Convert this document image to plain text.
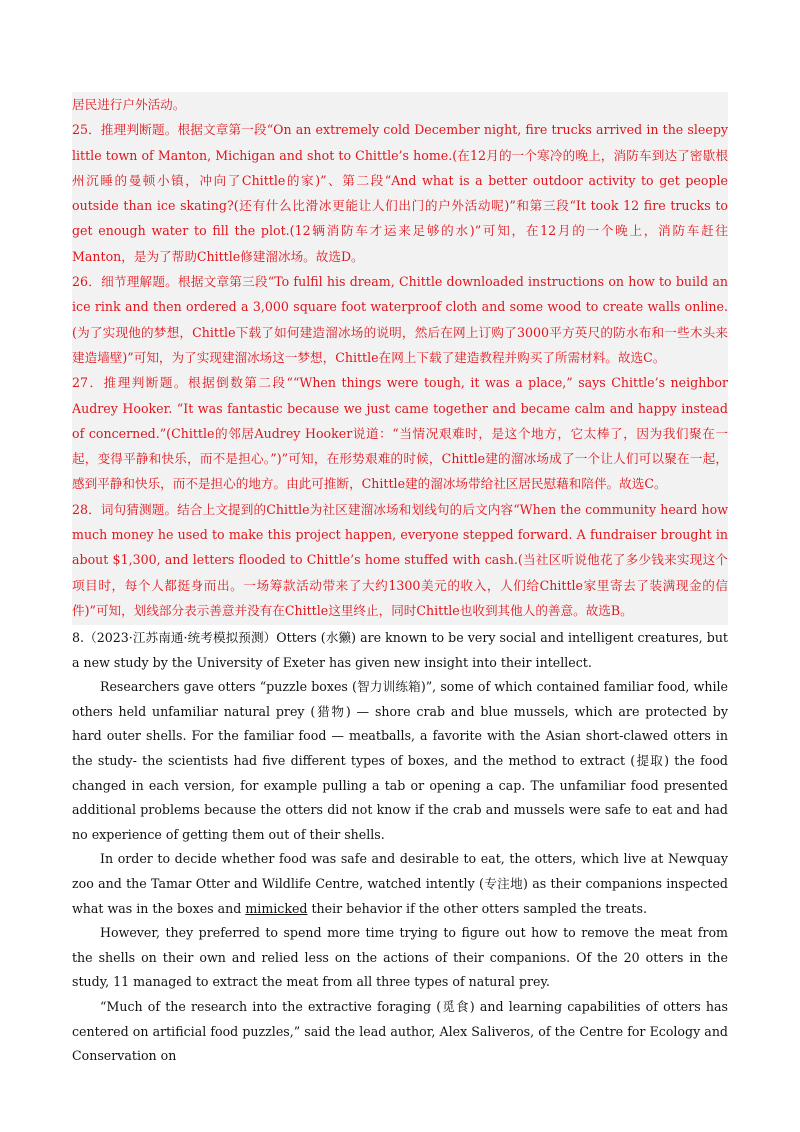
居民进行户外活动。

25．推理判断题。根据文章第一段“On an extremely cold December night, fire trucks arrived in the sleepy little town of Manton, Michigan and shot to Chittle’s home.(在12月的一个寒冷的晚上，消防车到达了密歇根州沉睡的曼顿小镇，冲向了Chittle的家)”、第二段“And what is a better outdoor activity to get people outside than ice skating?(还有什么比滑冰更能让人们出门的户外活动呢)”和第三段“It took 12 fire trucks to get enough water to fill the plot.(12辆消防车才运来足够的水)”可知，在12月的一个晚上，消防车赶往Manton，是为了帮助Chittle修建溜冰场。故选D。

26．细节理解题。根据文章第三段“To fulfil his dream, Chittle downloaded instructions on how to build an ice rink and then ordered a 3,000 square foot waterproof cloth and some wood to create walls online.(为了实现他的梦想，Chittle下载了如何建造溜冰场的说明，然后在网上订购了3000平方英尺的防水布和一些木头来建造墙壁)”可知，为了实现建溜冰场这一梦想，Chittle在网上下载了建造教程并购买了所需材料。故选C。

27．推理判断题。根据倒数第二段““When things were tough, it was a place,” says Chittle’s neighbor Audrey Hooker. “It was fantastic because we just came together and became calm and happy instead of concerned.”(Chittle的邻居Audrey Hooker说道：“当情况艰难时，是这个地方，它太棒了，因为我们聚在一起，变得平静和快乐，而不是担心。”)”可知，在形势艰难的时候，Chittle建的溜冰场成了一个让人们可以聚在一起，感到平静和快乐，而不是担心的地方。由此可推断，Chittle建的溜冰场带给社区居民慰藉和陪伴。故选C。

28．词句猜测题。结合上文提到的Chittle为社区建溜冰场和划线句的后文内容“When the community heard how much money he used to make this project happen, everyone stepped forward. A fundraiser brought in about $1,300, and letters flooded to Chittle’s home stuffed with cash.(当社区听说他花了多少钱来实现这个项目时，每个人都挺身而出。一场筹款活动带来了大约1300美元的收入，人们给Chittle家里寄去了装满现金的信件)”可知，划线部分表示善意并没有在Chittle这里终止，同时Chittle也收到其他人的善意。故选B。

8.（2023·江苏南通·统考模拟预测）Otters (水獭) are known to be very social and intelligent creatures, but a new study by the University of Exeter has given new insight into their intellect.

Researchers gave otters “puzzle boxes (智力训练箱)”, some of which contained familiar food, while others held unfamiliar natural prey (猎物) — shore crab and blue mussels, which are protected by hard outer shells. For the familiar food — meatballs, a favorite with the Asian short-clawed otters in the study- the scientists had five different types of boxes, and the method to extract (提取) the food changed in each version, for example pulling a tab or opening a cap. The unfamiliar food presented additional problems because the otters did not know if the crab and mussels were safe to eat and had no experience of getting them out of their shells.

In order to decide whether food was safe and desirable to eat, the otters, which live at Newquay zoo and the Tamar Otter and Wildlife Centre, watched intently (专注地) as their companions inspected what was in the boxes and mimicked their behavior if the other otters sampled the treats.

However, they preferred to spend more time trying to figure out how to remove the meat from the shells on their own and relied less on the actions of their companions. Of the 20 otters in the study, 11 managed to extract the meat from all three types of natural prey.

“Much of the research into the extractive foraging (觅食) and learning capabilities of otters has centered on artificial food puzzles,” said the lead author, Alex Saliveros, of the Centre for Ecology and Conservation on
